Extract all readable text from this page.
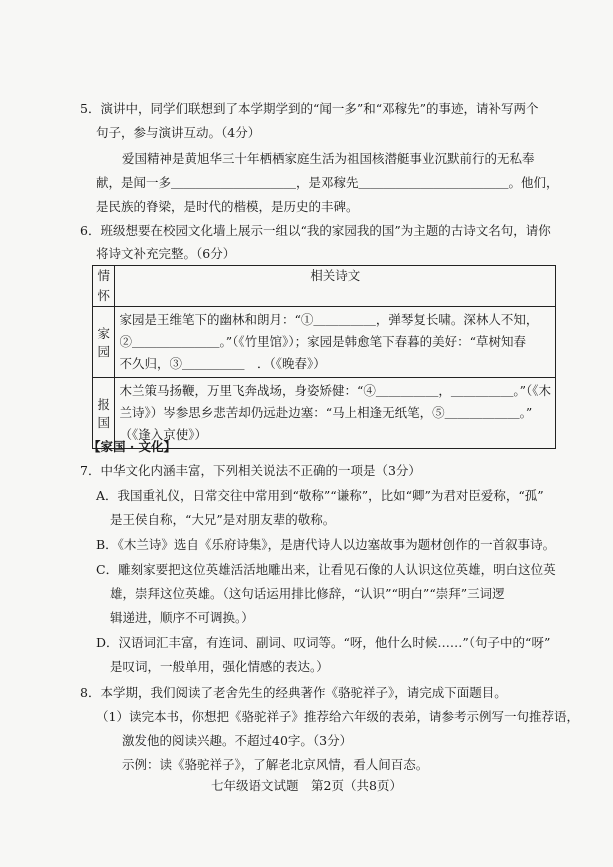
5．演讲中，同学们联想到了本学期学到的“闻一多”和“邓稼先”的事迹，请补写两个
句子，参与演讲互动。（4分）
爱国精神是黄旭华三十年栖栖家庭生活为祖国核潜艇事业沉默前行的无私奉
献，是闻一多＿＿＿＿＿＿＿＿＿＿，是邓稼先＿＿＿＿＿＿＿＿＿＿＿＿。他们，
是民族的脊梁，是时代的楷模，是历史的丰碑。
6．班级想要在校园文化墙上展示一组以“我的家园我的国”为主题的古诗文名句，请你
将诗文补充完整。（6分）
情怀	相关诗文
家园	家园是王维笔下的幽林和朗月：“①＿＿＿＿＿，弹琴复长啸。深林人不知，
②＿＿＿＿＿＿＿。”（《竹里馆》）；家园是韩愈笔下春暮的美好：“草树知春
不久归，③＿＿＿＿＿　．（《晚春》）

报国	木兰策马扬鞭，万里飞奔战场，身姿矫健：“④＿＿＿＿＿，＿＿＿＿＿。”（《木
兰诗》）岑参思乡悲苦却仍远赴边塞：“马上相逢无纸笔，⑤＿＿＿＿＿＿。”
（《逢入京使》）
【家国 · 文化】
7．中华文化内涵丰富，下列相关说法不正确的一项是（3分）
A．我国重礼仪，日常交往中常用到“敬称”“谦称”，比如“卿”为君对臣爱称，“孤”
是王侯自称，“大兄”是对朋友辈的敬称。
B．《木兰诗》选自《乐府诗集》，是唐代诗人以边塞故事为题材创作的一首叙事诗。
C．雕刻家要把这位英雄活活地雕出来，让看见石像的人认识这位英雄，明白这位英
雄，崇拜这位英雄。（这句话运用排比修辞，“认识”“明白”“崇拜”三词逻
辑递进，顺序不可调换。）
D．汉语词汇丰富，有连词、副词、叹词等。“呀，他什么时候……”（句子中的“呀”
是叹词，一般单用，强化情感的表达。）
8．本学期，我们阅读了老舍先生的经典著作《骆驼祥子》，请完成下面题目。
（1）读完本书，你想把《骆驼祥子》推荐给六年级的表弟，请参考示例写一句推荐语，
激发他的阅读兴趣。不超过40字。（3分）
示例：读《骆驼祥子》，了解老北京风情，看人间百态。
七年级语文试题　第2页（共8页）
